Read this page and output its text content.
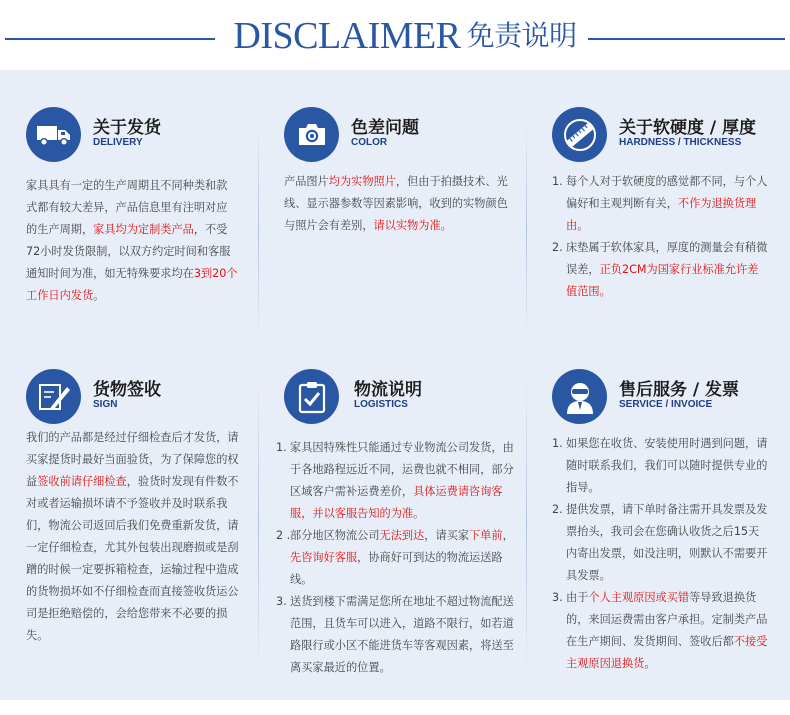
DISCLAIMER 免责说明
关于发货
DELIVERY
家具具有一定的生产周期且不同种类和款式都有较大差异，产品信息里有注明对应的生产周期，家具均为定制类产品，不受72小时发货限制，以双方约定时间和客服通知时间为准，如无特殊要求均在3到20个工作日内发货。
色差问题
COLOR
产品图片均为实物照片，但由于拍摄技术、光线、显示器参数等因素影响，收到的实物颜色与照片会有差别，请以实物为准。
关于软硬度 / 厚度
HARDNESS / THICKNESS
1. 每个人对于软硬度的感觉都不同，与个人偏好和主观判断有关，不作为退换货理由。
2. 床垫属于软体家具，厚度的测量会有稍微误差，正负2CM为国家行业标准允许差值范围。
货物签收
SIGN
我们的产品都是经过仔细检查后才发货，请买家提货时最好当面验货，为了保障您的权益签收前请仔细检查，验货时发现有件数不对或者运输损坏请不予签收并及时联系我们，物流公司返回后我们免费重新发货，请一定仔细检查，尤其外包装出现磨损或是刮蹭的时候一定要拆箱检查，运输过程中造成的货物损坏如不仔细检查而直接签收货运公司是拒绝赔偿的，会给您带来不必要的损失。
物流说明
LOGISTICS
1. 家具因特殊性只能通过专业物流公司发货，由于各地路程远近不同，运费也就不相同，部分区域客户需补运费差价，具体运费请咨询客服，并以客服告知的为准。
2 . 部分地区物流公司无法到达，请买家下单前，先咨询好客服，协商好可到达的物流运送路线。
3. 送货到楼下需满足您所在地址不超过物流配送范围，且货车可以进入，道路不限行，如若道路限行或小区不能进货车等客观因素，将送至离买家最近的位置。
售后服务 / 发票
SERVICE / INVOICE
1. 如果您在收货、安装使用时遇到问题，请随时联系我们，我们可以随时提供专业的指导。
2. 提供发票，请下单时备注需开具发票及发票抬头，我司会在您确认收货之后15天内寄出发票，如没注明，则默认不需要开具发票。
3. 由于个人主观原因或买错等导致退换货的，来回运费需由客户承担。定制类产品在生产期间、发货期间、签收后都不接受主观原因退换货。
